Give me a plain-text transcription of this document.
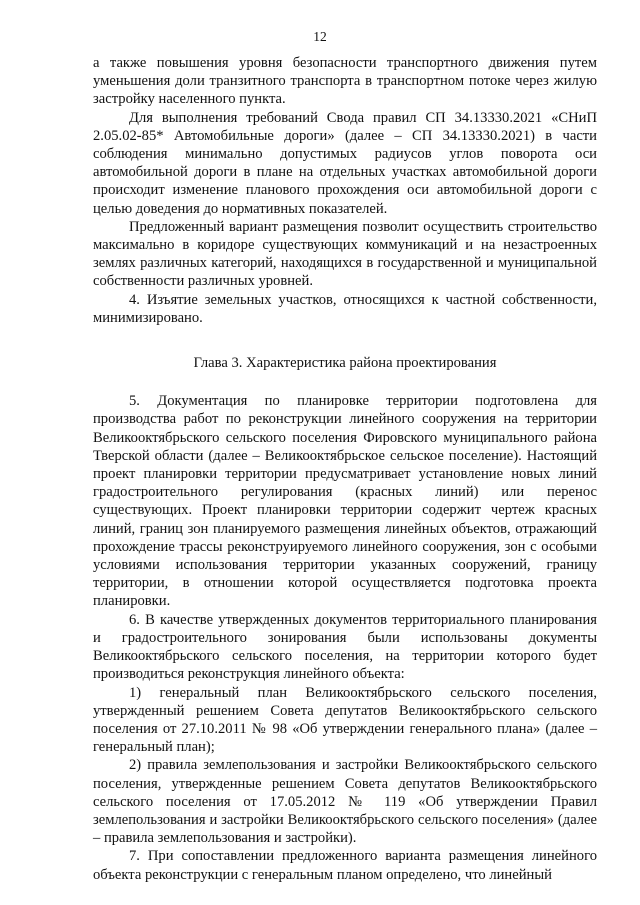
12

а также повышения уровня безопасности транспортного движения путем уменьшения доли транзитного транспорта в транспортном потоке через жилую застройку населенного пункта.

Для выполнения требований Свода правил СП 34.13330.2021 «СНиП 2.05.02-85* Автомобильные дороги» (далее – СП 34.13330.2021) в части соблюдения минимально допустимых радиусов углов поворота оси автомобильной дороги в плане на отдельных участках автомобильной дороги происходит изменение планового прохождения оси автомобильной дороги с целью доведения до нормативных показателей.

Предложенный вариант размещения позволит осуществить строительство максимально в коридоре существующих коммуникаций и на незастроенных землях различных категорий, находящихся в государственной и муниципальной собственности различных уровней.

4. Изъятие земельных участков, относящихся к частной собственности, минимизировано.

Глава 3. Характеристика района проектирования

5. Документация по планировке территории подготовлена для производства работ по реконструкции линейного сооружения на территории Великооктябрьского сельского поселения Фировского муниципального района Тверской области (далее – Великооктябрьское сельское поселение). Настоящий проект планировки территории предусматривает установление новых линий градостроительного регулирования (красных линий) или перенос существующих. Проект планировки территории содержит чертеж красных линий, границ зон планируемого размещения линейных объектов, отражающий прохождение трассы реконструируемого линейного сооружения, зон с особыми условиями использования территории указанных сооружений, границу территории, в отношении которой осуществляется подготовка проекта планировки.

6. В качестве утвержденных документов территориального планирования и градостроительного зонирования были использованы документы Великооктябрьского сельского поселения, на территории которого будет производиться реконструкция линейного объекта:

1) генеральный план Великооктябрьского сельского поселения, утвержденный решением Совета депутатов Великооктябрьского сельского поселения от 27.10.2011 № 98 «Об утверждении генерального плана» (далее – генеральный план);

2) правила землепользования и застройки Великооктябрьского сельского поселения, утвержденные решением Совета депутатов Великооктябрьского сельского поселения от 17.05.2012 № 119 «Об утверждении Правил землепользования и застройки Великооктябрьского сельского поселения» (далее – правила землепользования и застройки).

7. При сопоставлении предложенного варианта размещения линейного объекта реконструкции с генеральным планом определено, что линейный
